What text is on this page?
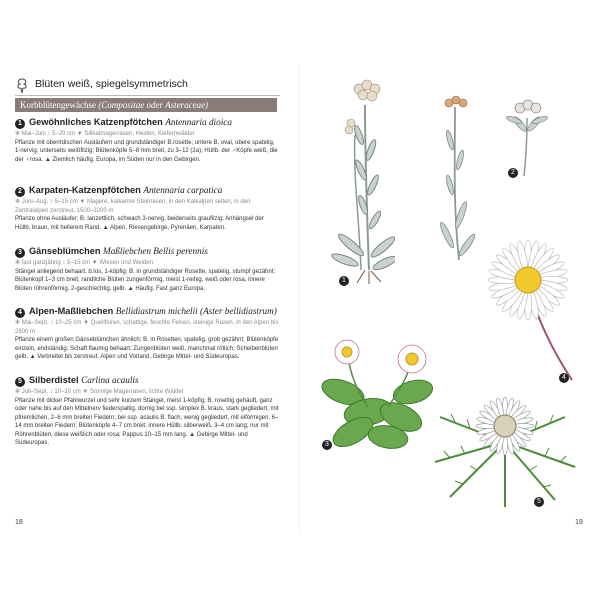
Blüten weiß, spiegelsymmetrisch
Korbblütengewächse (Compositae oder Asteraceae)
1 Gewöhnliches Katzenpfötchen Antennaria dioica
✻ Mai–Juni ↕ 5–20 cm ▼ Silikatmagerrasen, Heiden, Kiefernwälder
Pflanze mit oberirdischen Ausläufern und grundständiger B.rosette; untere B. oval, obere spatelig, 1-nervig, unterseits weißfilzig; Blütenköpfe 5–8 mm breit, zu 3–12 (2a); Hüllb. der ♂Köpfe weiß, die der ♀rosa. ▲ Ziemlich häufig. Europa, im Süden nur in den Gebirgen.
2 Karpaten-Katzenpfötchen Antennaria carpatica
✻ Juni–Aug. ↕ 5–15 cm ▼ Magere, kalkarme Steinrasen, in den Kalkalpen selten, in den Zentralalpen zerstreut, 1500–3200 m
Pflanze ohne Ausläufer; B. lanzettlich, schwach 3-nervig, beiderseits graufilzig; Anhängsel der Hüllb. braun, mit hellerem Rand. ▲ Alpen, Riesengebirge, Pyrenäen, Karpaten.
3 Gänseblümchen Maßliebchen Bellis perennis
✻ fast ganzjährig ↕ 5–15 cm ▼ Wiesen und Weiden
Stängel anliegend behaart, b.los, 1-köpfig; B. in grundständiger Rosette, spatelig, stumpf gezähnt; Blütenkopf 1–3 cm breit; randliche Blüten zungenförmig, meist 1-reihig, weiß oder rosa, innere Blüten röhrenförmig, 2-geschlechtig, gelb. ▲ Häufig. Fast ganz Europa.
4 Alpen-Maßliebchen Bellidiastrum michelii (Aster bellidiastrum)
✻ Mai–Sept. ↕ 10–25 cm ▼ Quellfluren, schattige, feuchte Felsen, steinige Rasen, in den Alpen bis 2600 m
Pflanze einem großen Gänseblümchen ähnlich; B. in Rosetten, spatelig, grob gezähnt; Blütenköpfe einzeln, endständig; Schaft flaumig behaart; Zungenblüten weiß, manchmal rötlich; Scheibenblüten gelb. ▲ Verbreitet bis zerstreut. Alpen und Vorland, Gebirge Mittel- und Südeuropas.
5 Silberdistel Carlina acaulis
✻ Juli–Sept. ↕ 10–30 cm ▼ Sonnige Magerrasen, lichte Wälder
Pflanze mit dicker Pfahlwurzel und sehr kurzem Stängel, meist 1-köpfig; B. rosettig gehäuft, ganz oder nahe bis auf den Mittelnerv fiederspaltig, dornig bei ssp. simplex B. kraus, stark gegliedert, mit pfriemlichen, 2–6 mm breiten Fiedern; bei ssp. acaulis B. flach, wenig gegliedert, mit eiförmigen, 6–14 mm breiten Fiedern; Blütenköpfe 4–7 cm breit; innere Hüllb. silberweiß, 3–4 cm lang; nur mit Röhrenblüten, diese weißlich oder rosa; Pappus 10–15 mm lang. ▲ Gebirge Mittel- und Südeuropas.
18	19
1
2
4
3
5
